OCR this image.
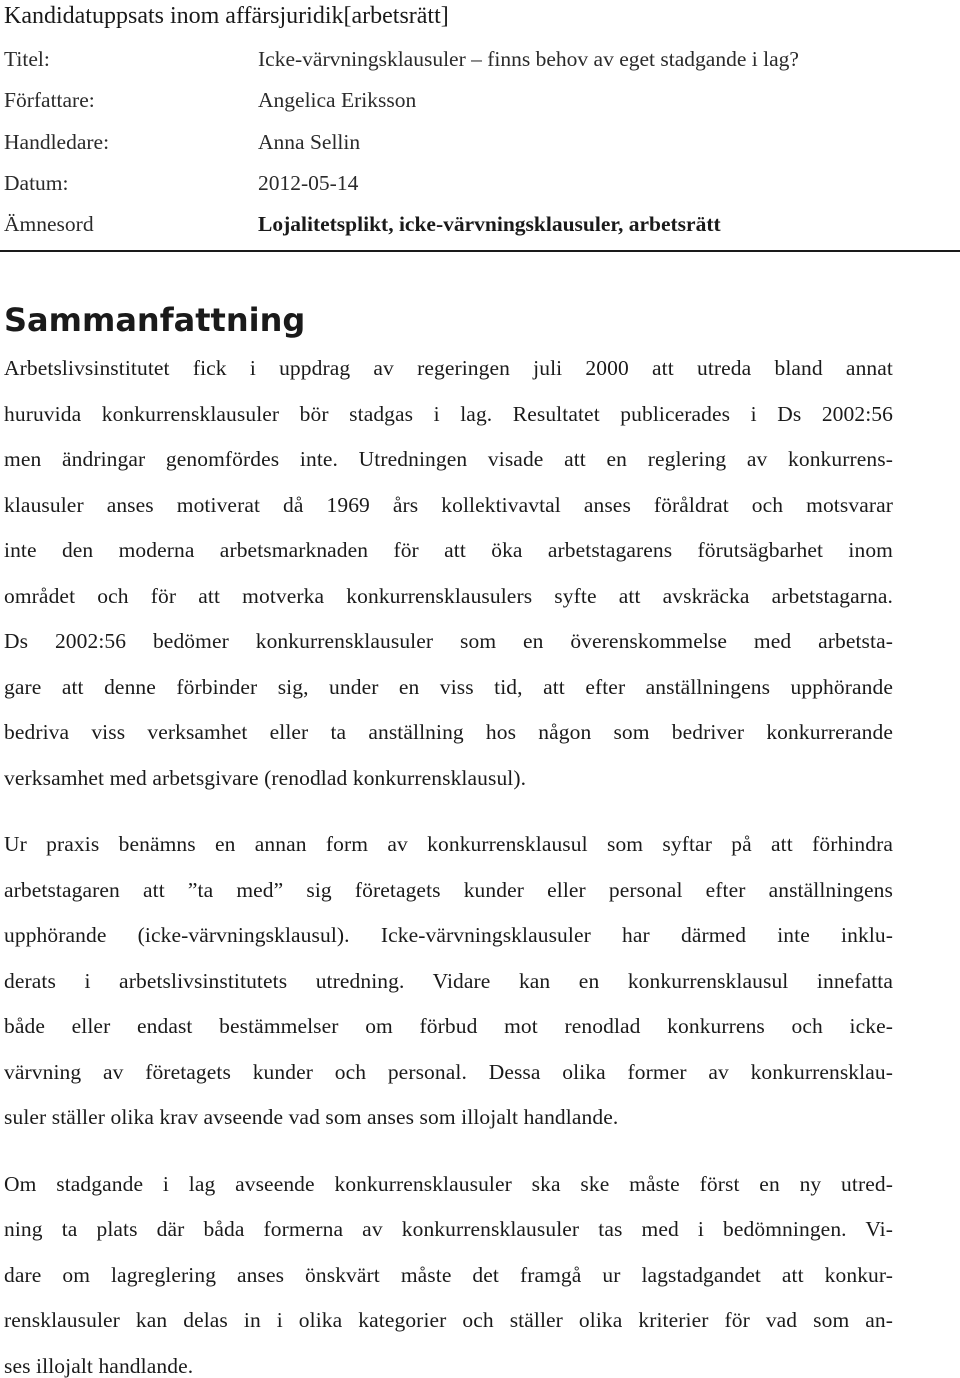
Kandidatuppsats inom affärsjuridik[arbetsrätt]
Titel:	Icke-värvningsklausuler – finns behov av eget stadgande i lag?
Författare:	Angelica Eriksson
Handledare:	Anna Sellin
Datum:	2012-05-14
Ämnesord	Lojalitetsplikt, icke-värvningsklausuler, arbetsrätt
Sammanfattning

Arbetslivsinstitutet fick i uppdrag av regeringen juli 2000 att utreda bland annat
huruvida konkurrensklausuler bör stadgas i lag. Resultatet publicerades i Ds 2002:56
men ändringar genomfördes inte. Utredningen visade att en reglering av konkurrens-
klausuler anses motiverat då 1969 års kollektivavtal anses föråldrat och motsvarar
inte den moderna arbetsmarknaden för att öka arbetstagarens förutsägbarhet inom
området och för att motverka konkurrensklausulers syfte att avskräcka arbetstagarna.
Ds 2002:56 bedömer konkurrensklausuler som en överenskommelse med arbetsta-
gare att denne förbinder sig, under en viss tid, att efter anställningens upphörande
bedriva viss verksamhet eller ta anställning hos någon som bedriver konkurrerande
verksamhet med arbetsgivare (renodlad konkurrensklausul).

Ur praxis benämns en annan form av konkurrensklausul som syftar på att förhindra
arbetstagaren att ”ta med” sig företagets kunder eller personal efter anställningens
upphörande (icke-värvningsklausul). Icke-värvningsklausuler har därmed inte inklu-
derats i arbetslivsinstitutets utredning. Vidare kan en konkurrensklausul innefatta
både eller endast bestämmelser om förbud mot renodlad konkurrens och icke-
värvning av företagets kunder och personal. Dessa olika former av konkurrensklau-
suler ställer olika krav avseende vad som anses som illojalt handlande.

Om stadgande i lag avseende konkurrensklausuler ska ske måste först en ny utred-
ning ta plats där båda formerna av konkurrensklausuler tas med i bedömningen. Vi-
dare om lagreglering anses önskvärt måste det framgå ur lagstadgandet att konkur-
rensklausuler kan delas in i olika kategorier och ställer olika kriterier för vad som an-
ses illojalt handlande.
